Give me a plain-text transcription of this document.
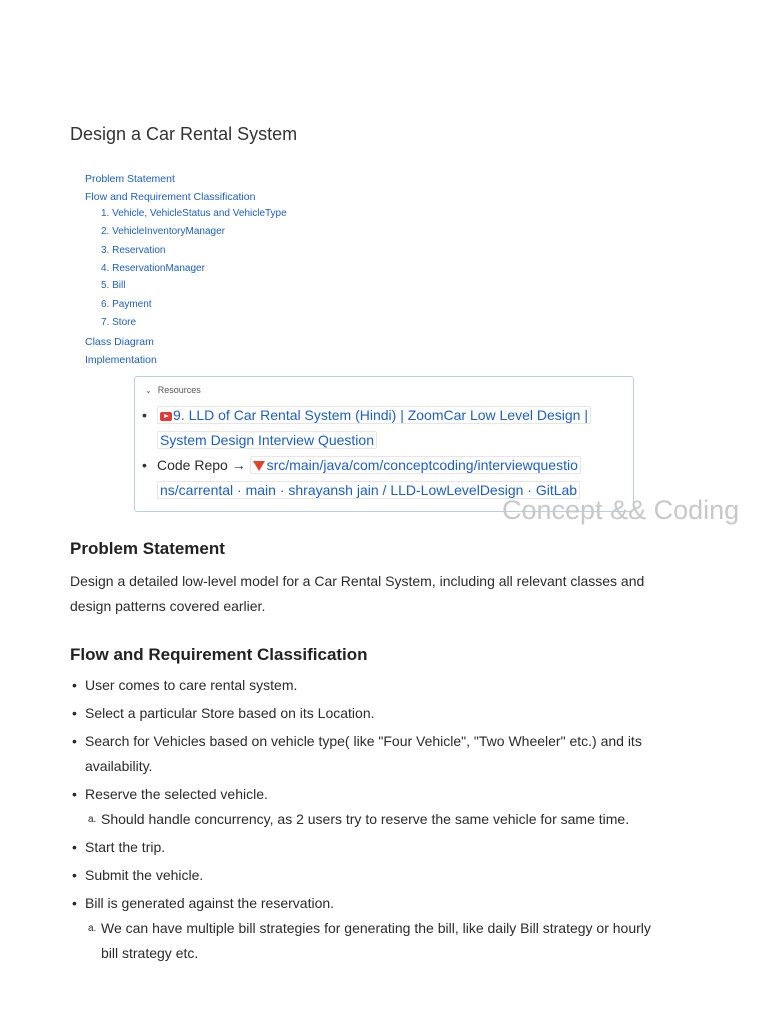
Design a Car Rental System
Problem Statement
Flow and Requirement Classification
1. Vehicle, VehicleStatus and VehicleType
2. VehicleInventoryManager
3. Reservation
4. ReservationManager
5. Bill
6. Payment
7. Store
Class Diagram
Implementation
⌄ Resources
• 9. LLD of Car Rental System (Hindi) | ZoomCar Low Level Design |
System Design Interview Question
• Code Repo → src/main/java/com/conceptcoding/interviewquestio
ns/carrental · main · shrayansh jain / LLD-LowLevelDesign · GitLab
Concept && Coding
Problem Statement

Design a detailed low-level model for a Car Rental System, including all relevant classes and
design patterns covered earlier.

Flow and Requirement Classification
• User comes to care rental system.
• Select a particular Store based on its Location.
• Search for Vehicles based on vehicle type( like "Four Vehicle", "Two Wheeler" etc.) and its
availability.
• Reserve the selected vehicle.
a. Should handle concurrency, as 2 users try to reserve the same vehicle for same time.
• Start the trip.
• Submit the vehicle.
• Bill is generated against the reservation.
a. We can have multiple bill strategies for generating the bill, like daily Bill strategy or hourly
bill strategy etc.
